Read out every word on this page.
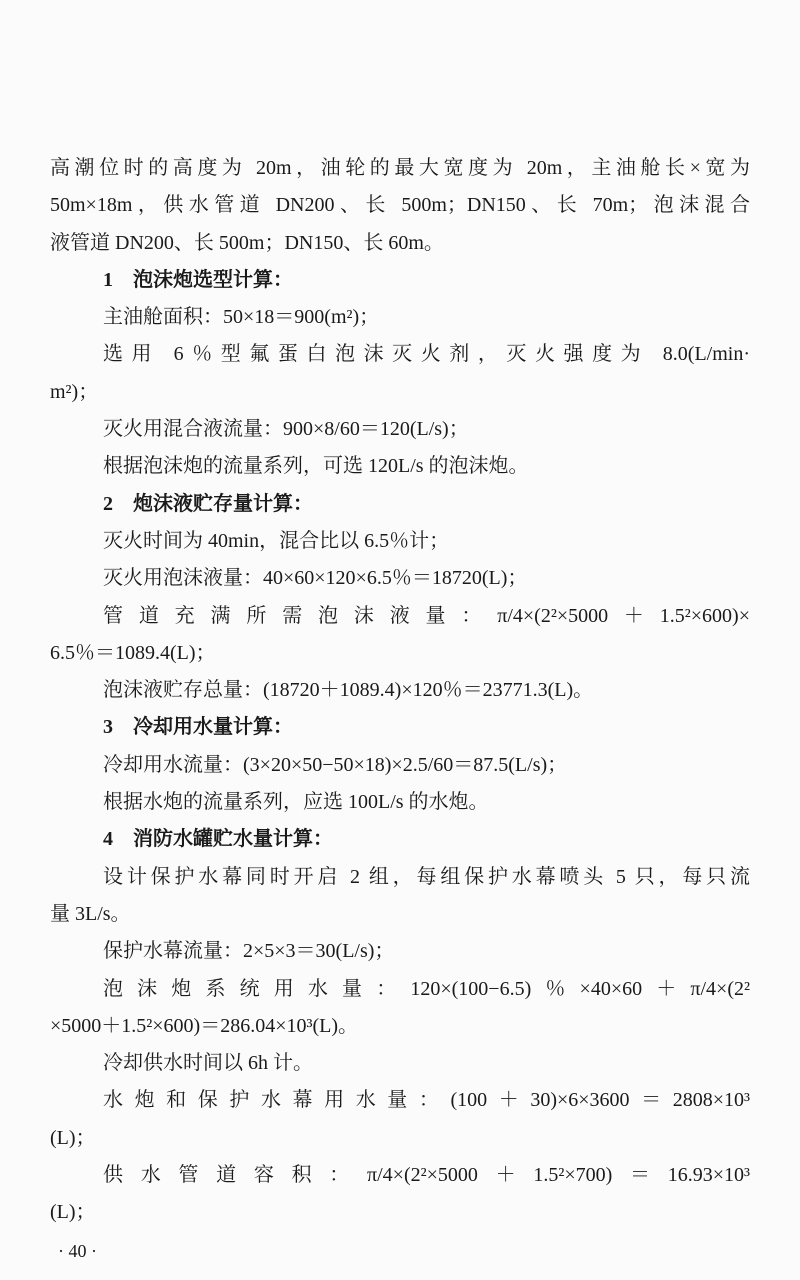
高潮位时的高度为 20m，油轮的最大宽度为 20m，主油舱长×宽为

50m×18m，供水管道 DN200、长 500m；DN150、长 70m；泡沫混合

液管道 DN200、长 500m；DN150、长 60m。

1　泡沫炮选型计算：

主油舱面积：50×18＝900(m²)；

选用 6％型氟蛋白泡沫灭火剂，灭火强度为 8.0(L/min·

m²)；

灭火用混合液流量：900×8/60＝120(L/s)；

根据泡沫炮的流量系列，可选 120L/s 的泡沫炮。

2　炮沫液贮存量计算：

灭火时间为 40min，混合比以 6.5％计；

灭火用泡沫液量：40×60×120×6.5％＝18720(L)；

管道充满所需泡沫液量：π/4×(2²×5000＋1.5²×600)×

6.5％＝1089.4(L)；

泡沫液贮存总量：(18720＋1089.4)×120％＝23771.3(L)。

3　冷却用水量计算：

冷却用水流量：(3×20×50−50×18)×2.5/60＝87.5(L/s)；

根据水炮的流量系列，应选 100L/s 的水炮。

4　消防水罐贮水量计算：

设计保护水幕同时开启 2 组，每组保护水幕喷头 5 只，每只流

量 3L/s。

保护水幕流量：2×5×3＝30(L/s)；

泡沫炮系统用水量：120×(100−6.5)％×40×60＋π/4×(2²

×5000＋1.5²×600)＝286.04×10³(L)。

冷却供水时间以 6h 计。

水炮和保护水幕用水量：(100＋30)×6×3600＝2808×10³

(L)；

供水管道容积：π/4×(2²×5000＋1.5²×700)＝16.93×10³

(L)；

· 40 ·
